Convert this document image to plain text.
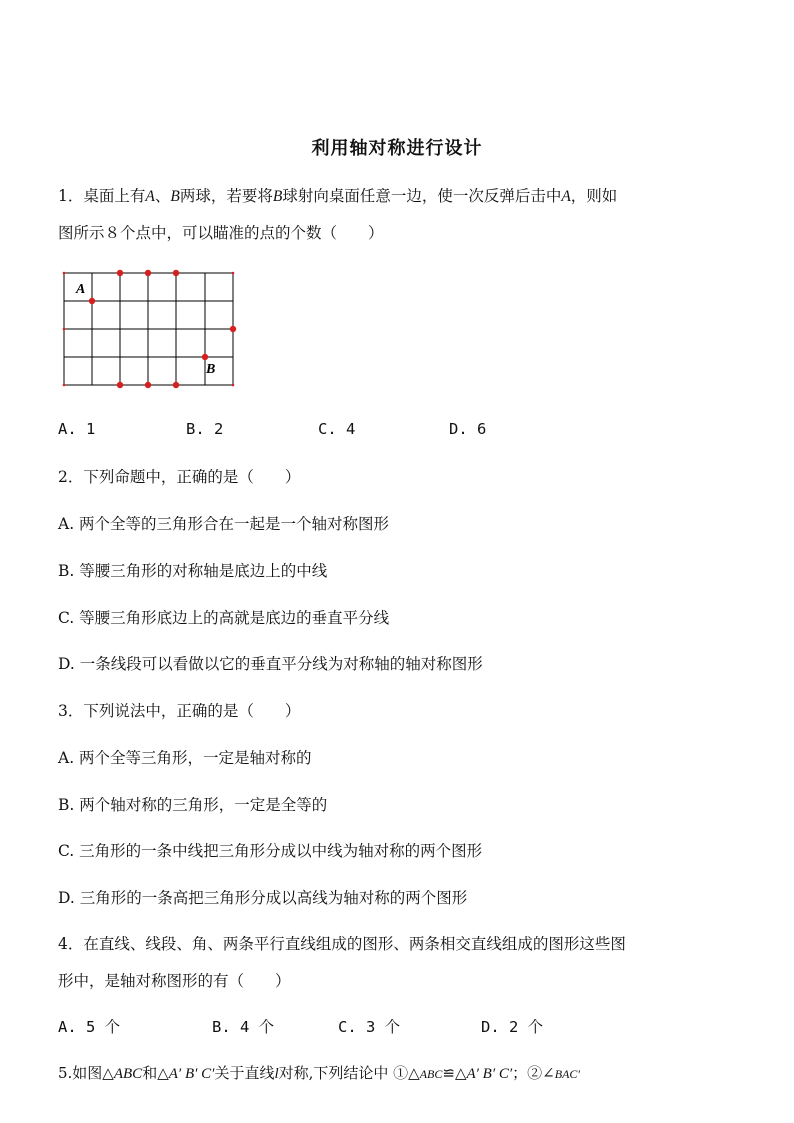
利用轴对称进行设计
1．桌面上有A、B两球，若要将B球射向桌面任意一边，使一次反弹后击中A，则如
图所示８个点中，可以瞄准的点的个数（　　）
A
B
A. 1	B. 2	C. 4	D. 6
2．下列命题中，正确的是（　　）
A. 两个全等的三角形合在一起是一个轴对称图形
B. 等腰三角形的对称轴是底边上的中线
C. 等腰三角形底边上的高就是底边的垂直平分线
D. 一条线段可以看做以它的垂直平分线为对称轴的轴对称图形
3．下列说法中，正确的是（　　）
A. 两个全等三角形，一定是轴对称的
B. 两个轴对称的三角形，一定是全等的
C. 三角形的一条中线把三角形分成以中线为轴对称的两个图形
D. 三角形的一条高把三角形分成以高线为轴对称的两个图形
4．在直线、线段、角、两条平行直线组成的图形、两条相交直线组成的图形这些图
形中，是轴对称图形的有（　　）
A. 5 个	B. 4 个	C. 3 个	D. 2 个
5.如图△ABC和△A′ B′ C′关于直线l对称,下列结论中 ①△ABC≌△A′ B′ C′；②∠BAC′
